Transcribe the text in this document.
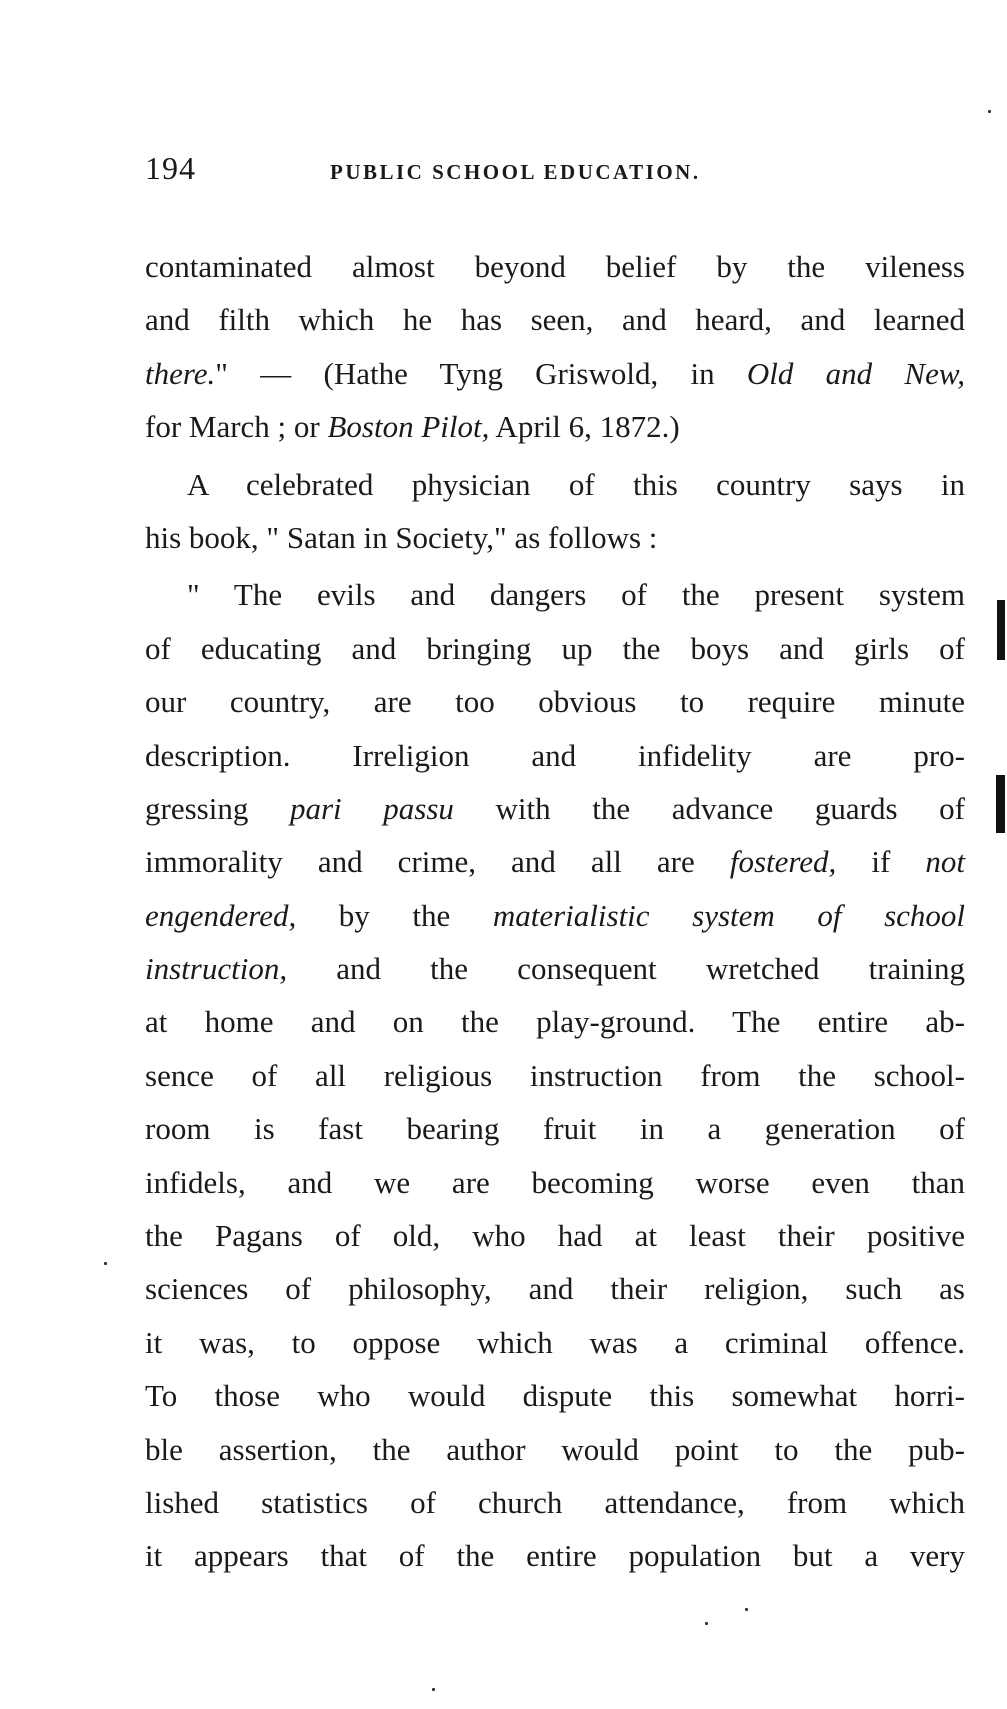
194	PUBLIC SCHOOL EDUCATION.
contaminated almost beyond belief by the vileness
and filth which he has seen, and heard, and learned
there." — (Hathe Tyng Griswold, in Old and New,
for March ; or Boston Pilot, April 6, 1872.)
A celebrated physician of this country says in
his book, " Satan in Society," as follows :
" The evils and dangers of the present system
of educating and bringing up the boys and girls of
our country, are too obvious to require minute
description. Irreligion and infidelity are pro-
gressing pari passu with the advance guards of
immorality and crime, and all are fostered, if not
engendered, by the materialistic system of school
instruction, and the consequent wretched training
at home and on the play-ground. The entire ab-
sence of all religious instruction from the school-
room is fast bearing fruit in a generation of
infidels, and we are becoming worse even than
the Pagans of old, who had at least their positive
sciences of philosophy, and their religion, such as
it was, to oppose which was a criminal offence.
To those who would dispute this somewhat horri-
ble assertion, the author would point to the pub-
lished statistics of church attendance, from which
it appears that of the entire population but a very
